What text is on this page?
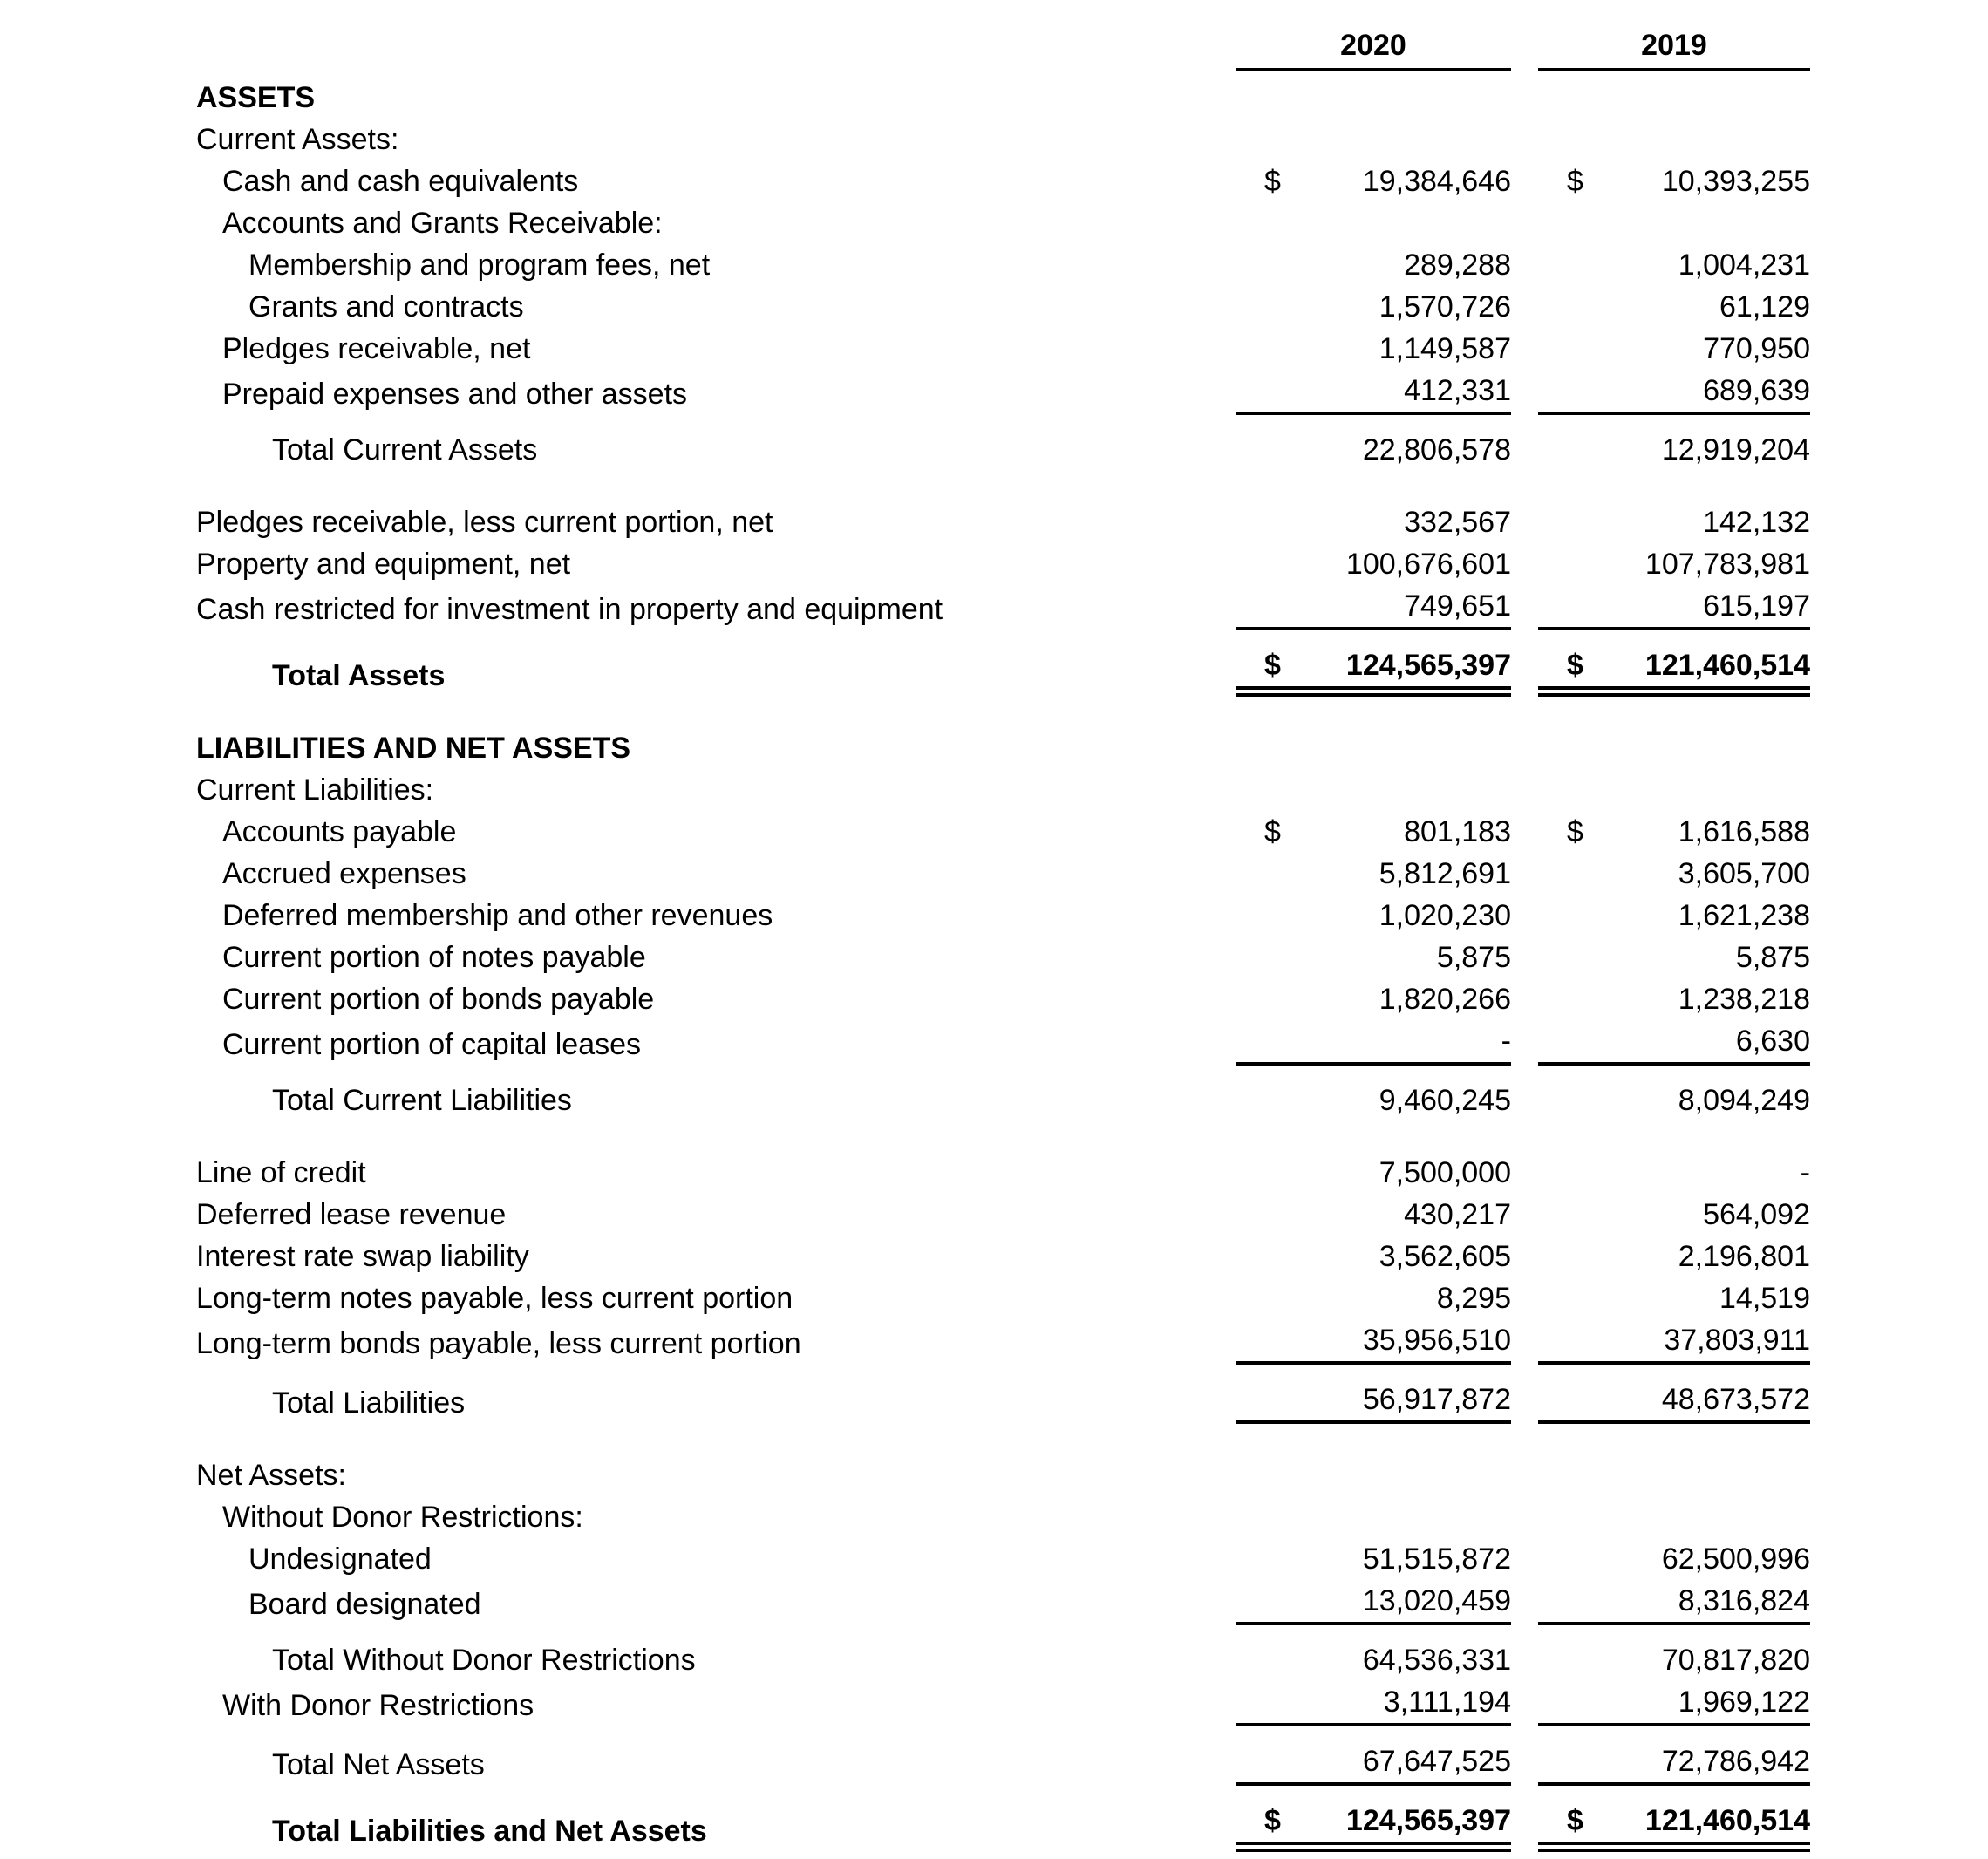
2020	2019
ASSETS
Current Assets:
Cash and cash equivalents	$	19,384,646	$	10,393,255
Accounts and Grants Receivable:
Membership and program fees, net	289,288	1,004,231
Grants and contracts	1,570,726	61,129
Pledges receivable, net	1,149,587	770,950
Prepaid expenses and other assets	412,331	689,639
Total Current Assets	22,806,578	12,919,204
Pledges receivable, less current portion, net	332,567	142,132
Property and equipment, net	100,676,601	107,783,981
Cash restricted for investment in property and equipment	749,651	615,197
Total Assets	$ 124,565,397	$ 121,460,514
LIABILITIES AND NET ASSETS
Current Liabilities:
Accounts payable	$	801,183	$	1,616,588
Accrued expenses	5,812,691	3,605,700
Deferred membership and other revenues	1,020,230	1,621,238
Current portion of notes payable	5,875	5,875
Current portion of bonds payable	1,820,266	1,238,218
Current portion of capital leases	-	6,630
Total Current Liabilities	9,460,245	8,094,249
Line of credit	7,500,000	-
Deferred lease revenue	430,217	564,092
Interest rate swap liability	3,562,605	2,196,801
Long-term notes payable, less current portion	8,295	14,519
Long-term bonds payable, less current portion	35,956,510	37,803,911
Total Liabilities	56,917,872	48,673,572
Net Assets:
Without Donor Restrictions:
Undesignated	51,515,872	62,500,996
Board designated	13,020,459	8,316,824
Total Without Donor Restrictions	64,536,331	70,817,820
With Donor Restrictions	3,111,194	1,969,122
Total Net Assets	67,647,525	72,786,942
Total Liabilities and Net Assets	$ 124,565,397	$ 121,460,514
